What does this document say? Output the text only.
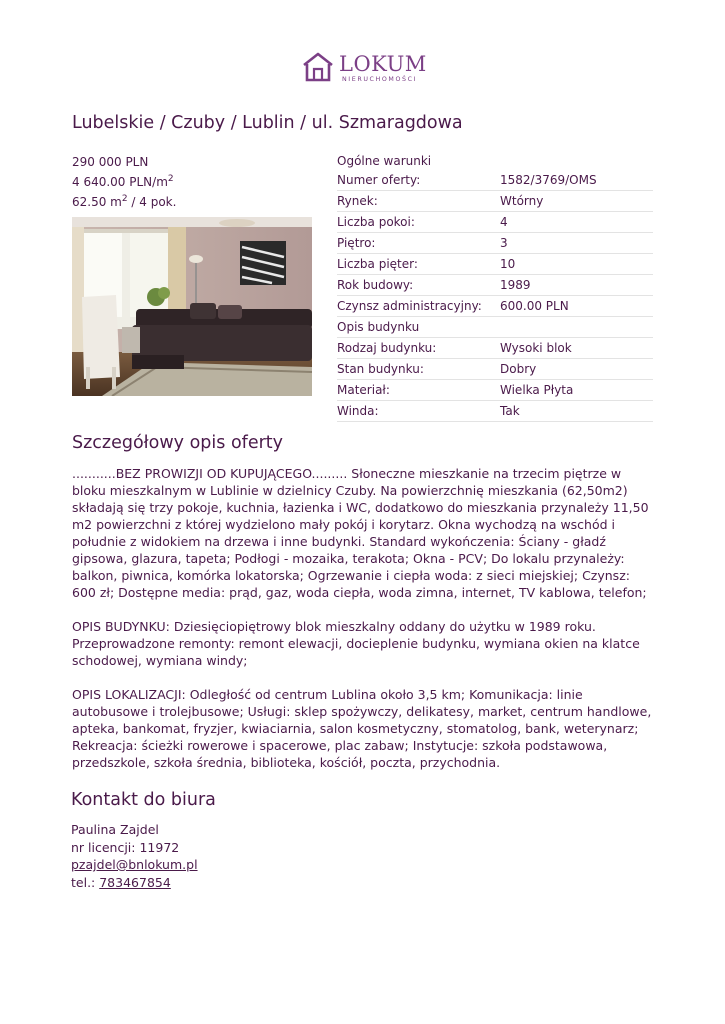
LOKUM
NIERUCHOMOŚCI
Lubelskie / Czuby / Lublin / ul. Szmaragdowa
290 000 PLN
4 640.00 PLN/$m^2$
62.50 $m^2 / 4$ pok.
Ogólne warunki
Numer oferty:	1582/3769/OMS
Rynek:	Wtórny
Liczba pokoi:	4
Piętro:	3
Liczba pięter:	10
Rok budowy:	1989
Czynsz administracyjny:	600.00 PLN
Opis budynku
Rodzaj budynku:	Wysoki blok
Stan budynku:	Dobry
Materiał:	Wielka Płyta
Winda:	Tak
Szczegółowy opis oferty

...........BEZ PROWIZJI OD KUPUJĄCEGO......... Słoneczne mieszkanie na trzecim piętrze w bloku mieszkalnym w Lublinie w dzielnicy Czuby. Na powierzchnię mieszkania (62,50m2) składają się trzy pokoje, kuchnia, łazienka i WC, dodatkowo do mieszkania przynależy 11,50 m2 powierzchni z której wydzielono mały pokój i korytarz. Okna wychodzą na wschód i południe z widokiem na drzewa i inne budynki. Standard wykończenia: Ściany - gładź gipsowa, glazura, tapeta; Podłogi - mozaika, terakota; Okna - PCV; Do lokalu przynależy: balkon, piwnica, komórka lokatorska; Ogrzewanie i ciepła woda: z sieci miejskiej; Czynsz: 600 zł; Dostępne media: prąd, gaz, woda ciepła, woda zimna, internet, TV kablowa, telefon;

OPIS BUDYNKU: Dziesięciopiętrowy blok mieszkalny oddany do użytku w 1989 roku. Przeprowadzone remonty: remont elewacji, docieplenie budynku, wymiana okien na klatce schodowej, wymiana windy;

OPIS LOKALIZACJI: Odległość od centrum Lublina około 3,5 km; Komunikacja: linie autobusowe i trolejbusowe; Usługi: sklep spożywczy, delikatesy, market, centrum handlowe, apteka, bankomat, fryzjer, kwiaciarnia, salon kosmetyczny, stomatolog, bank, weterynarz; Rekreacja: ścieżki rowerowe i spacerowe, plac zabaw; Instytucje: szkoła podstawowa, przedszkole, szkoła średnia, biblioteka, kościół, poczta, przychodnia.

Kontakt do biura
Paulina Zajdel
nr licencji: 11972
pzajdel@bnlokum.pl
tel.: 783467854
